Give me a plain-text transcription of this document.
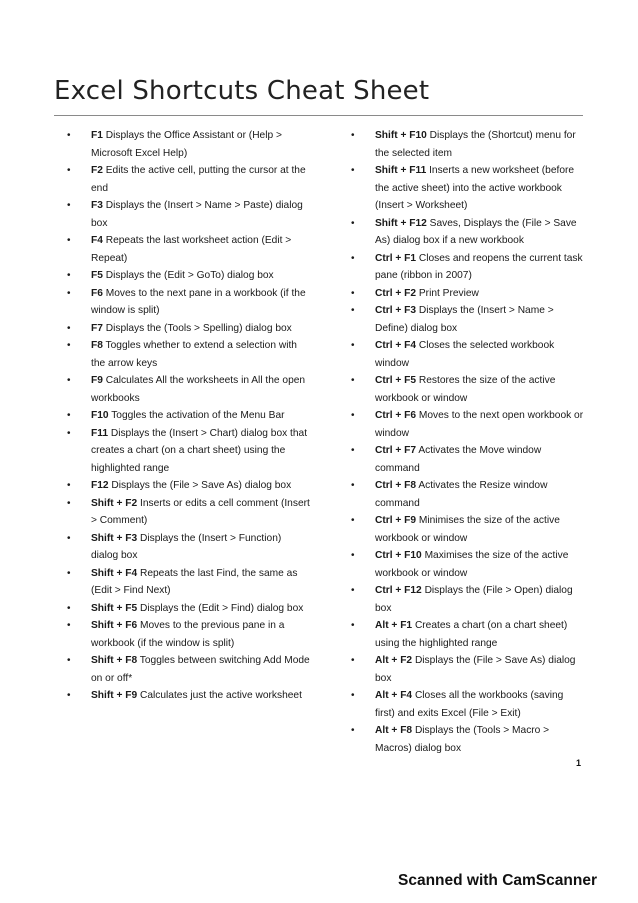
Excel Shortcuts Cheat Sheet
• F1 Displays the Office Assistant or (Help > Microsoft Excel Help)
• F2 Edits the active cell, putting the cursor at the end
• F3 Displays the (Insert > Name > Paste) dialog box
• F4 Repeats the last worksheet action (Edit > Repeat)
• F5 Displays the (Edit > GoTo) dialog box
• F6 Moves to the next pane in a workbook (if the window is split)
• F7 Displays the (Tools > Spelling) dialog box
• F8 Toggles whether to extend a selection with the arrow keys
• F9 Calculates All the worksheets in All the open workbooks
• F10 Toggles the activation of the Menu Bar
• F11 Displays the (Insert > Chart) dialog box that creates a chart (on a chart sheet) using the highlighted range
• F12 Displays the (File > Save As) dialog box
• Shift + F2 Inserts or edits a cell comment (Insert > Comment)
• Shift + F3 Displays the (Insert > Function) dialog box
• Shift + F4 Repeats the last Find, the same as (Edit > Find Next)
• Shift + F5 Displays the (Edit > Find) dialog box
• Shift + F6 Moves to the previous pane in a workbook (if the window is split)
• Shift + F8 Toggles between switching Add Mode on or off*
• Shift + F9 Calculates just the active worksheet
• Shift + F10 Displays the (Shortcut) menu for the selected item
• Shift + F11 Inserts a new worksheet (before the active sheet) into the active workbook (Insert > Worksheet)
• Shift + F12 Saves, Displays the (File > Save As) dialog box if a new workbook
• Ctrl + F1 Closes and reopens the current task pane (ribbon in 2007)
• Ctrl + F2 Print Preview
• Ctrl + F3 Displays the (Insert > Name > Define) dialog box
• Ctrl + F4 Closes the selected workbook window
• Ctrl + F5 Restores the size of the active workbook or window
• Ctrl + F6 Moves to the next open workbook or window
• Ctrl + F7 Activates the Move window command
• Ctrl + F8 Activates the Resize window command
• Ctrl + F9 Minimises the size of the active workbook or window
• Ctrl + F10 Maximises the size of the active workbook or window
• Ctrl + F12 Displays the (File > Open) dialog box
• Alt + F1 Creates a chart (on a chart sheet) using the highlighted range
• Alt + F2 Displays the (File > Save As) dialog box
• Alt + F4 Closes all the workbooks (saving first) and exits Excel (File > Exit)
• Alt + F8 Displays the (Tools > Macro > Macros) dialog box
1
Scanned with CamScanner
